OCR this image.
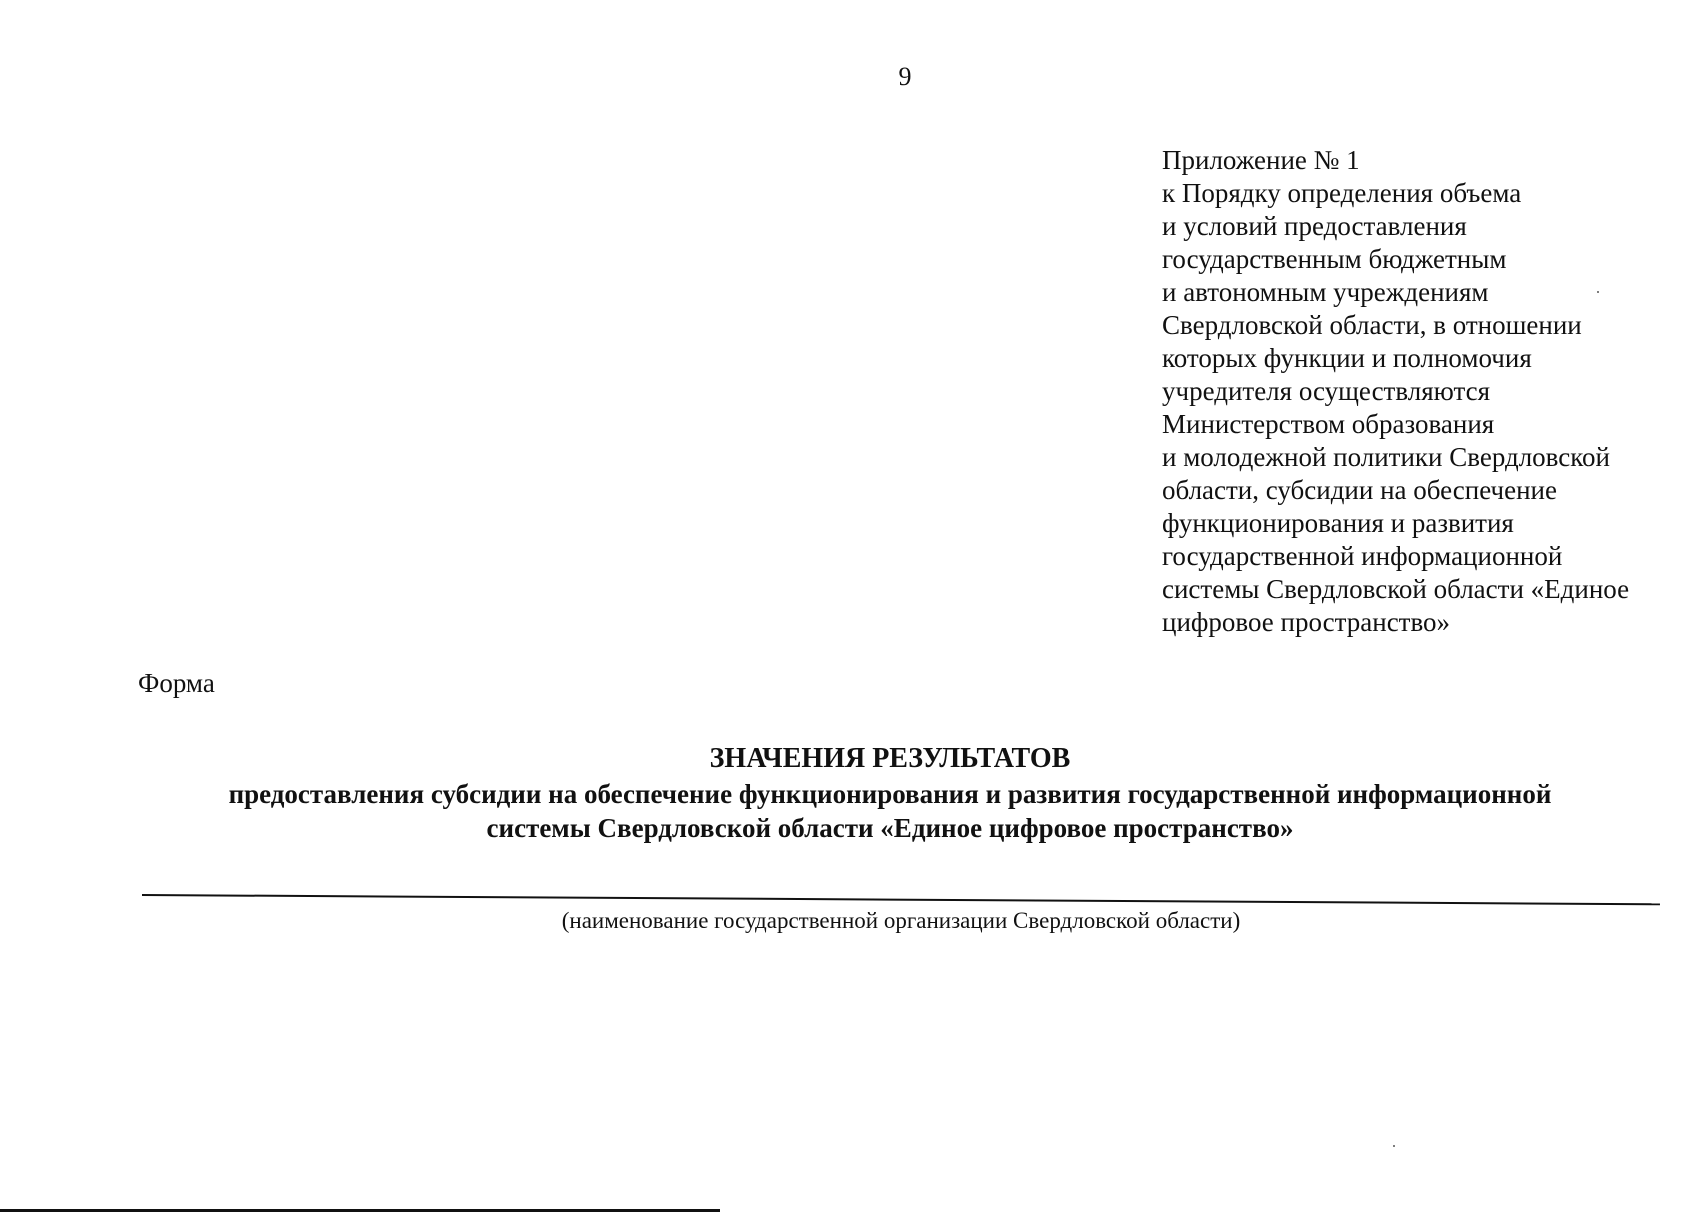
9
Приложение № 1
к Порядку определения объема
и условий предоставления
государственным бюджетным
и автономным учреждениям
Свердловской области, в отношении
которых функции и полномочия
учредителя осуществляются
Министерством образования
и молодежной политики Свердловской
области, субсидии на обеспечение
функционирования и развития
государственной информационной
системы Свердловской области «Единое
цифровое пространство»
Форма
ЗНАЧЕНИЯ РЕЗУЛЬТАТОВ
предоставления субсидии на обеспечение функционирования и развития государственной информационной
системы Свердловской области «Единое цифровое пространство»
(наименование государственной организации Свердловской области)
